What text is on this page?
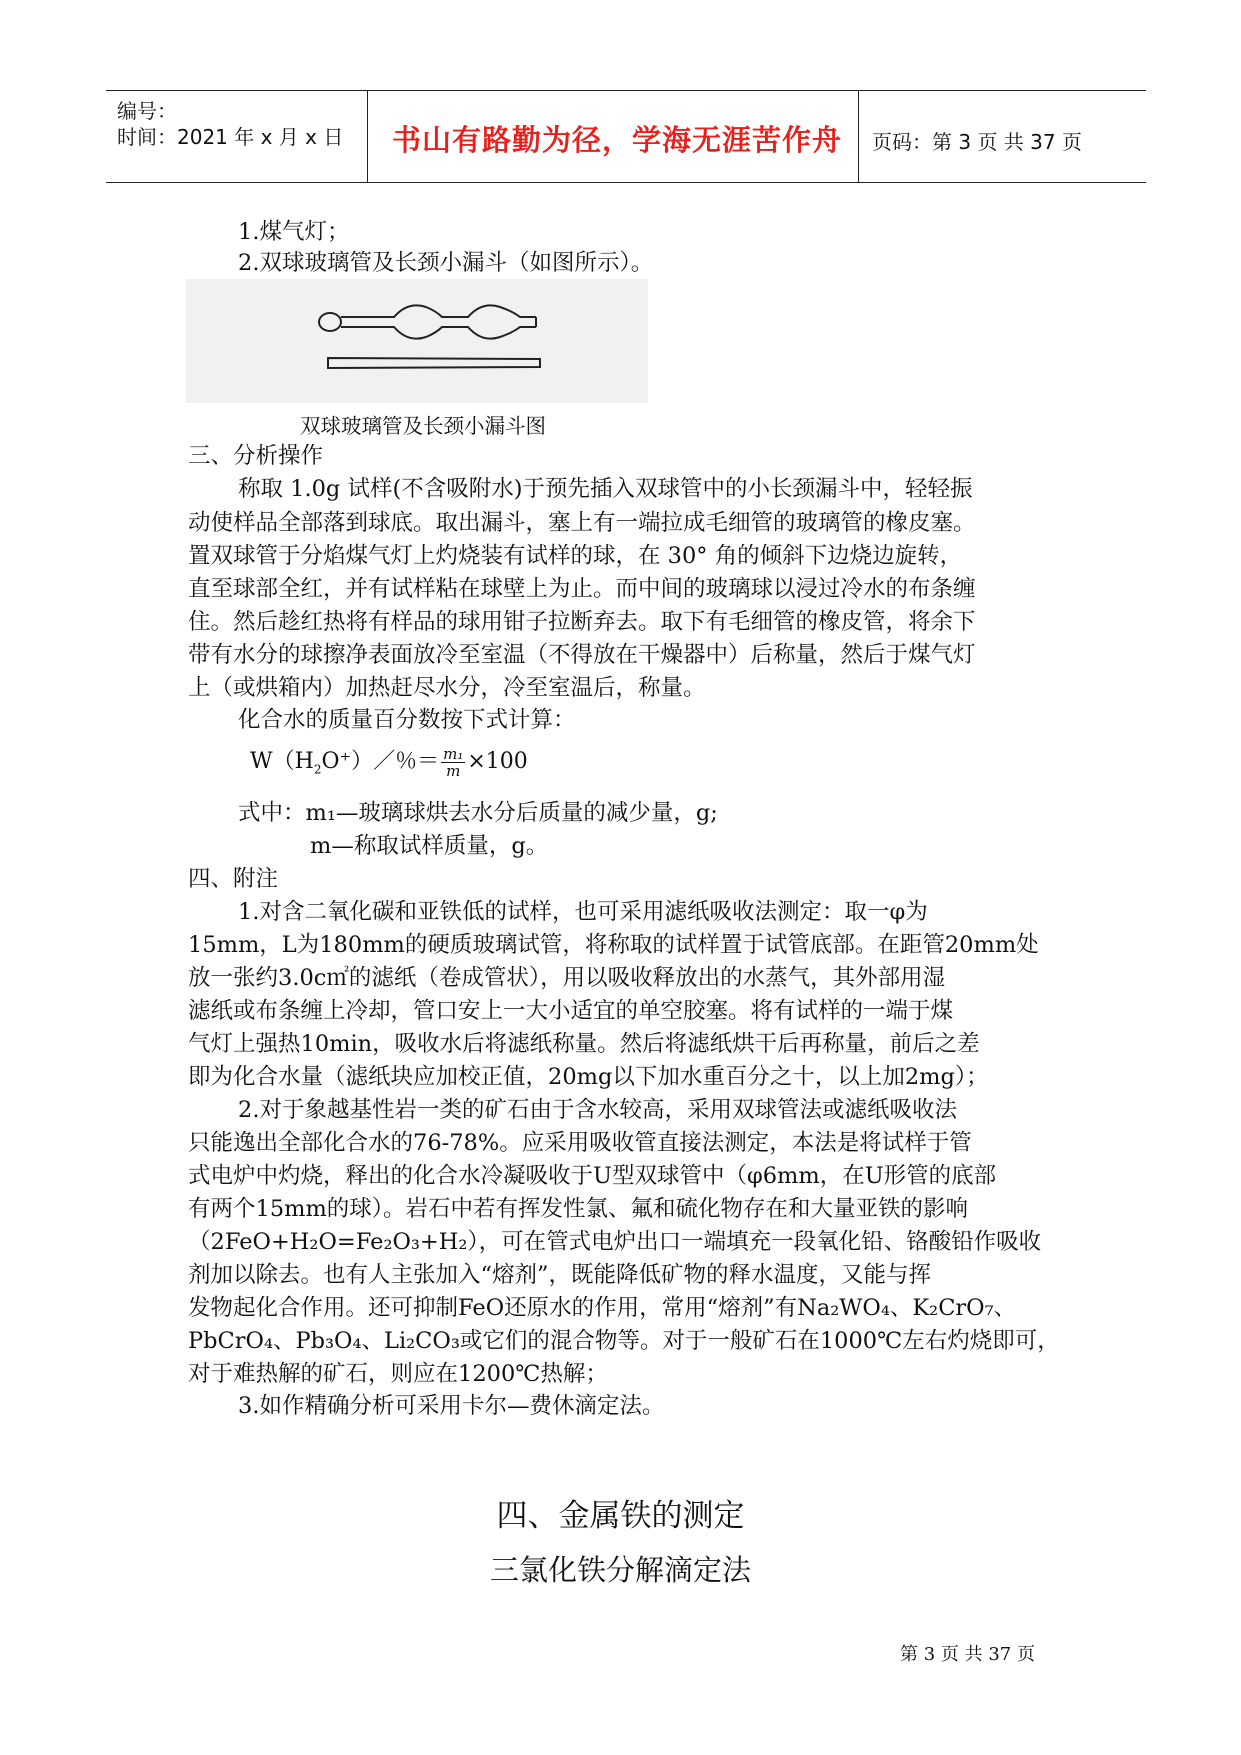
编号：
时间：2021 年 x 月 x 日 书山有路勤为径，学海无涯苦作舟 页码：第 3 页 共 37 页
1.煤气灯；
2.双球玻璃管及长颈小漏斗（如图所示）。
双球玻璃管及长颈小漏斗图
三、分析操作
称取 1.0g 试样(不含吸附水)于预先插入双球管中的小长颈漏斗中，轻轻振
动使样品全部落到球底。取出漏斗，塞上有一端拉成毛细管的玻璃管的橡皮塞。
置双球管于分焰煤气灯上灼烧装有试样的球，在 30° 角的倾斜下边烧边旋转，
直至球部全红，并有试样粘在球壁上为止。而中间的玻璃球以浸过冷水的布条缠
住。然后趁红热将有样品的球用钳子拉断弃去。取下有毛细管的橡皮管，将余下
带有水分的球擦净表面放冷至室温（不得放在干燥器中）后称量，然后于煤气灯
上（或烘箱内）加热赶尽水分，冷至室温后，称量。
化合水的质量百分数按下式计算：
$W(H_2O^+)/$％＝ $\frac{\text{m₁}}{m} \times 100$
式中：m₁—玻璃球烘去水分后质量的减少量，g;
m—称取试样质量，g。
四、附注
1.对含二氧化碳和亚铁低的试样，也可采用滤纸吸收法测定：取一φ为
15mm，L为180mm的硬质玻璃试管，将称取的试样置于试管底部。在距管20mm处
放一张约3.0c㎡的滤纸（卷成管状），用以吸收释放出的水蒸气，其外部用湿
滤纸或布条缠上冷却，管口安上一大小适宜的单空胶塞。将有试样的一端于煤
气灯上强热10min，吸收水后将滤纸称量。然后将滤纸烘干后再称量，前后之差
即为化合水量（滤纸块应加校正值，20mg以下加水重百分之十，以上加2mg）；
2.对于象越基性岩一类的矿石由于含水较高，采用双球管法或滤纸吸收法
只能逸出全部化合水的76-78%。应采用吸收管直接法测定，本法是将试样于管
式电炉中灼烧，释出的化合水冷凝吸收于U型双球管中（φ6mm，在U形管的底部
有两个15mm的球）。岩石中若有挥发性氯、氟和硫化物存在和大量亚铁的影响
（2FeO+H₂O=Fe₂O₃+H₂），可在管式电炉出口一端填充一段氧化铅、铬酸铅作吸收
剂加以除去。也有人主张加入“熔剂”，既能降低矿物的释水温度，又能与挥
发物起化合作用。还可抑制FeO还原水的作用，常用“熔剂”有Na₂WO₄、K₂CrO₇、
PbCrO₄、Pb₃O₄、Li₂CO₃或它们的混合物等。对于一般矿石在1000℃左右灼烧即可，
对于难热解的矿石，则应在1200℃热解；
3.如作精确分析可采用卡尔—费休滴定法。
四、金属铁的测定
三氯化铁分解滴定法
第 3 页 共 37 页
